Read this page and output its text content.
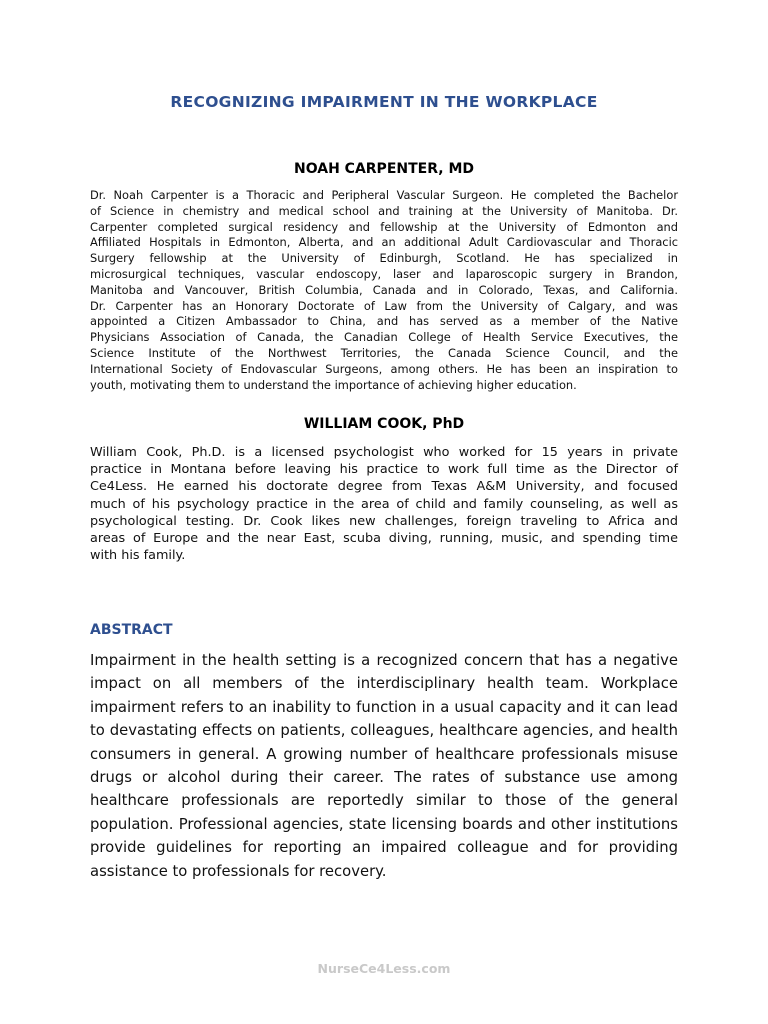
RECOGNIZING IMPAIRMENT IN THE WORKPLACE
NOAH CARPENTER, MD
Dr. Noah Carpenter is a Thoracic and Peripheral Vascular Surgeon. He completed the Bachelor
of Science in chemistry and medical school and training at the University of Manitoba. Dr.
Carpenter completed surgical residency and fellowship at the University of Edmonton and
Affiliated Hospitals in Edmonton, Alberta, and an additional Adult Cardiovascular and Thoracic
Surgery fellowship at the University of Edinburgh, Scotland. He has specialized in
microsurgical techniques, vascular endoscopy, laser and laparoscopic surgery in Brandon,
Manitoba and Vancouver, British Columbia, Canada and in Colorado, Texas, and California.
Dr. Carpenter has an Honorary Doctorate of Law from the University of Calgary, and was
appointed a Citizen Ambassador to China, and has served as a member of the Native
Physicians Association of Canada, the Canadian College of Health Service Executives, the
Science Institute of the Northwest Territories, the Canada Science Council, and the
International Society of Endovascular Surgeons, among others. He has been an inspiration to
youth, motivating them to understand the importance of achieving higher education.
WILLIAM COOK, PhD
William Cook, Ph.D. is a licensed psychologist who worked for 15 years in private
practice in Montana before leaving his practice to work full time as the Director of
Ce4Less. He earned his doctorate degree from Texas A&M University, and focused
much of his psychology practice in the area of child and family counseling, as well as
psychological testing. Dr. Cook likes new challenges, foreign traveling to Africa and
areas of Europe and the near East, scuba diving, running, music, and spending time
with his family.
ABSTRACT
Impairment in the health setting is a recognized concern that has a negative
impact on all members of the interdisciplinary health team. Workplace
impairment refers to an inability to function in a usual capacity and it can lead
to devastating effects on patients, colleagues, healthcare agencies, and health
consumers in general. A growing number of healthcare professionals misuse
drugs or alcohol during their career. The rates of substance use among
healthcare professionals are reportedly similar to those of the general
population. Professional agencies, state licensing boards and other institutions
provide guidelines for reporting an impaired colleague and for providing
assistance to professionals for recovery.
NurseCe4Less.com
